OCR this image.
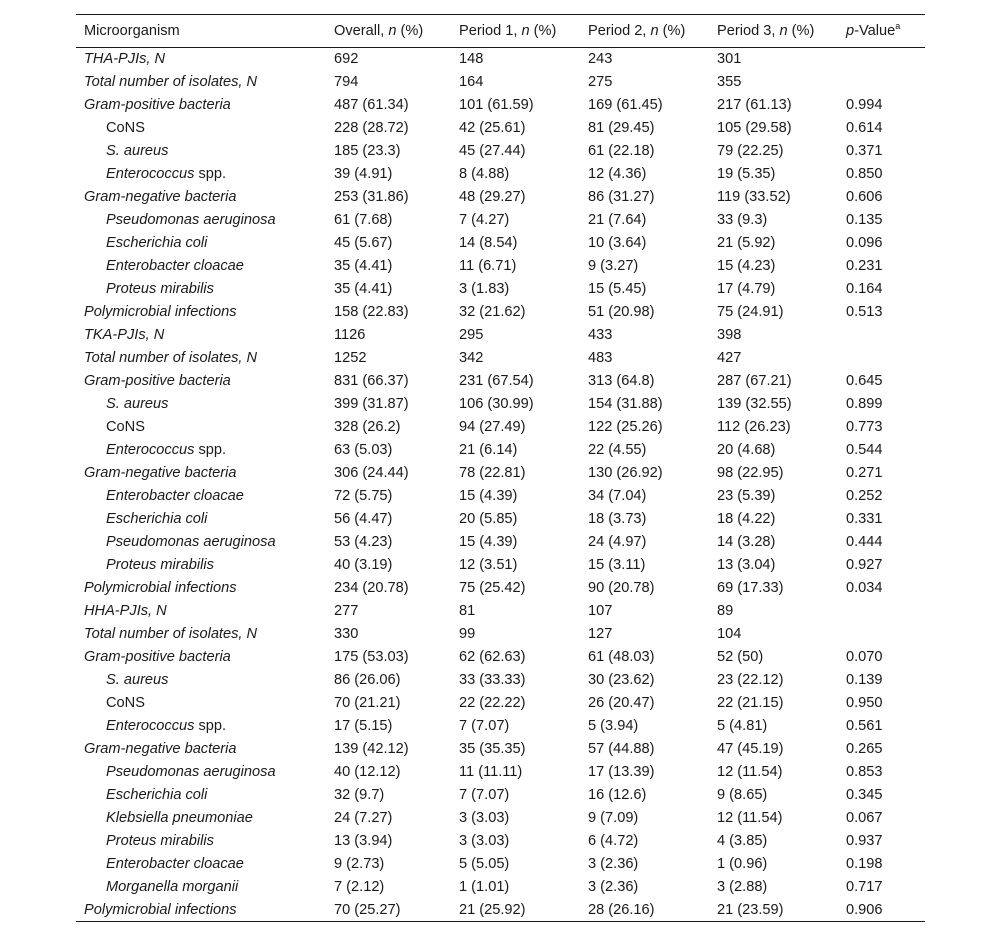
Microorganism	Overall, n (%)	Period 1, n (%)	Period 2, n (%)	Period 3, n (%)	p-Value$^a$
THA-PJIs, N	692	148	243	301	
Total number of isolates, N	794	164	275	355	
Gram-positive bacteria	487 (61.34)	101 (61.59)	169 (61.45)	217 (61.13)	0.994
CoNS	228 (28.72)	42 (25.61)	81 (29.45)	105 (29.58)	0.614
S. aureus	185 (23.3)	45 (27.44)	61 (22.18)	79 (22.25)	0.371
Enterococcus spp.	39 (4.91)	8 (4.88)	12 (4.36)	19 (5.35)	0.850
Gram-negative bacteria	253 (31.86)	48 (29.27)	86 (31.27)	119 (33.52)	0.606
Pseudomonas aeruginosa	61 (7.68)	7 (4.27)	21 (7.64)	33 (9.3)	0.135
Escherichia coli	45 (5.67)	14 (8.54)	10 (3.64)	21 (5.92)	0.096
Enterobacter cloacae	35 (4.41)	11 (6.71)	9 (3.27)	15 (4.23)	0.231
Proteus mirabilis	35 (4.41)	3 (1.83)	15 (5.45)	17 (4.79)	0.164
Polymicrobial infections	158 (22.83)	32 (21.62)	51 (20.98)	75 (24.91)	0.513
TKA-PJIs, N	1126	295	433	398	
Total number of isolates, N	1252	342	483	427	
Gram-positive bacteria	831 (66.37)	231 (67.54)	313 (64.8)	287 (67.21)	0.645
S. aureus	399 (31.87)	106 (30.99)	154 (31.88)	139 (32.55)	0.899
CoNS	328 (26.2)	94 (27.49)	122 (25.26)	112 (26.23)	0.773
Enterococcus spp.	63 (5.03)	21 (6.14)	22 (4.55)	20 (4.68)	0.544
Gram-negative bacteria	306 (24.44)	78 (22.81)	130 (26.92)	98 (22.95)	0.271
Enterobacter cloacae	72 (5.75)	15 (4.39)	34 (7.04)	23 (5.39)	0.252
Escherichia coli	56 (4.47)	20 (5.85)	18 (3.73)	18 (4.22)	0.331
Pseudomonas aeruginosa	53 (4.23)	15 (4.39)	24 (4.97)	14 (3.28)	0.444
Proteus mirabilis	40 (3.19)	12 (3.51)	15 (3.11)	13 (3.04)	0.927
Polymicrobial infections	234 (20.78)	75 (25.42)	90 (20.78)	69 (17.33)	0.034
HHA-PJIs, N	277	81	107	89	
Total number of isolates, N	330	99	127	104	
Gram-positive bacteria	175 (53.03)	62 (62.63)	61 (48.03)	52 (50)	0.070
S. aureus	86 (26.06)	33 (33.33)	30 (23.62)	23 (22.12)	0.139
CoNS	70 (21.21)	22 (22.22)	26 (20.47)	22 (21.15)	0.950
Enterococcus spp.	17 (5.15)	7 (7.07)	5 (3.94)	5 (4.81)	0.561
Gram-negative bacteria	139 (42.12)	35 (35.35)	57 (44.88)	47 (45.19)	0.265
Pseudomonas aeruginosa	40 (12.12)	11 (11.11)	17 (13.39)	12 (11.54)	0.853
Escherichia coli	32 (9.7)	7 (7.07)	16 (12.6)	9 (8.65)	0.345
Klebsiella pneumoniae	24 (7.27)	3 (3.03)	9 (7.09)	12 (11.54)	0.067
Proteus mirabilis	13 (3.94)	3 (3.03)	6 (4.72)	4 (3.85)	0.937
Enterobacter cloacae	9 (2.73)	5 (5.05)	3 (2.36)	1 (0.96)	0.198
Morganella morganii	7 (2.12)	1 (1.01)	3 (2.36)	3 (2.88)	0.717
Polymicrobial infections	70 (25.27)	21 (25.92)	28 (26.16)	21 (23.59)	0.906
